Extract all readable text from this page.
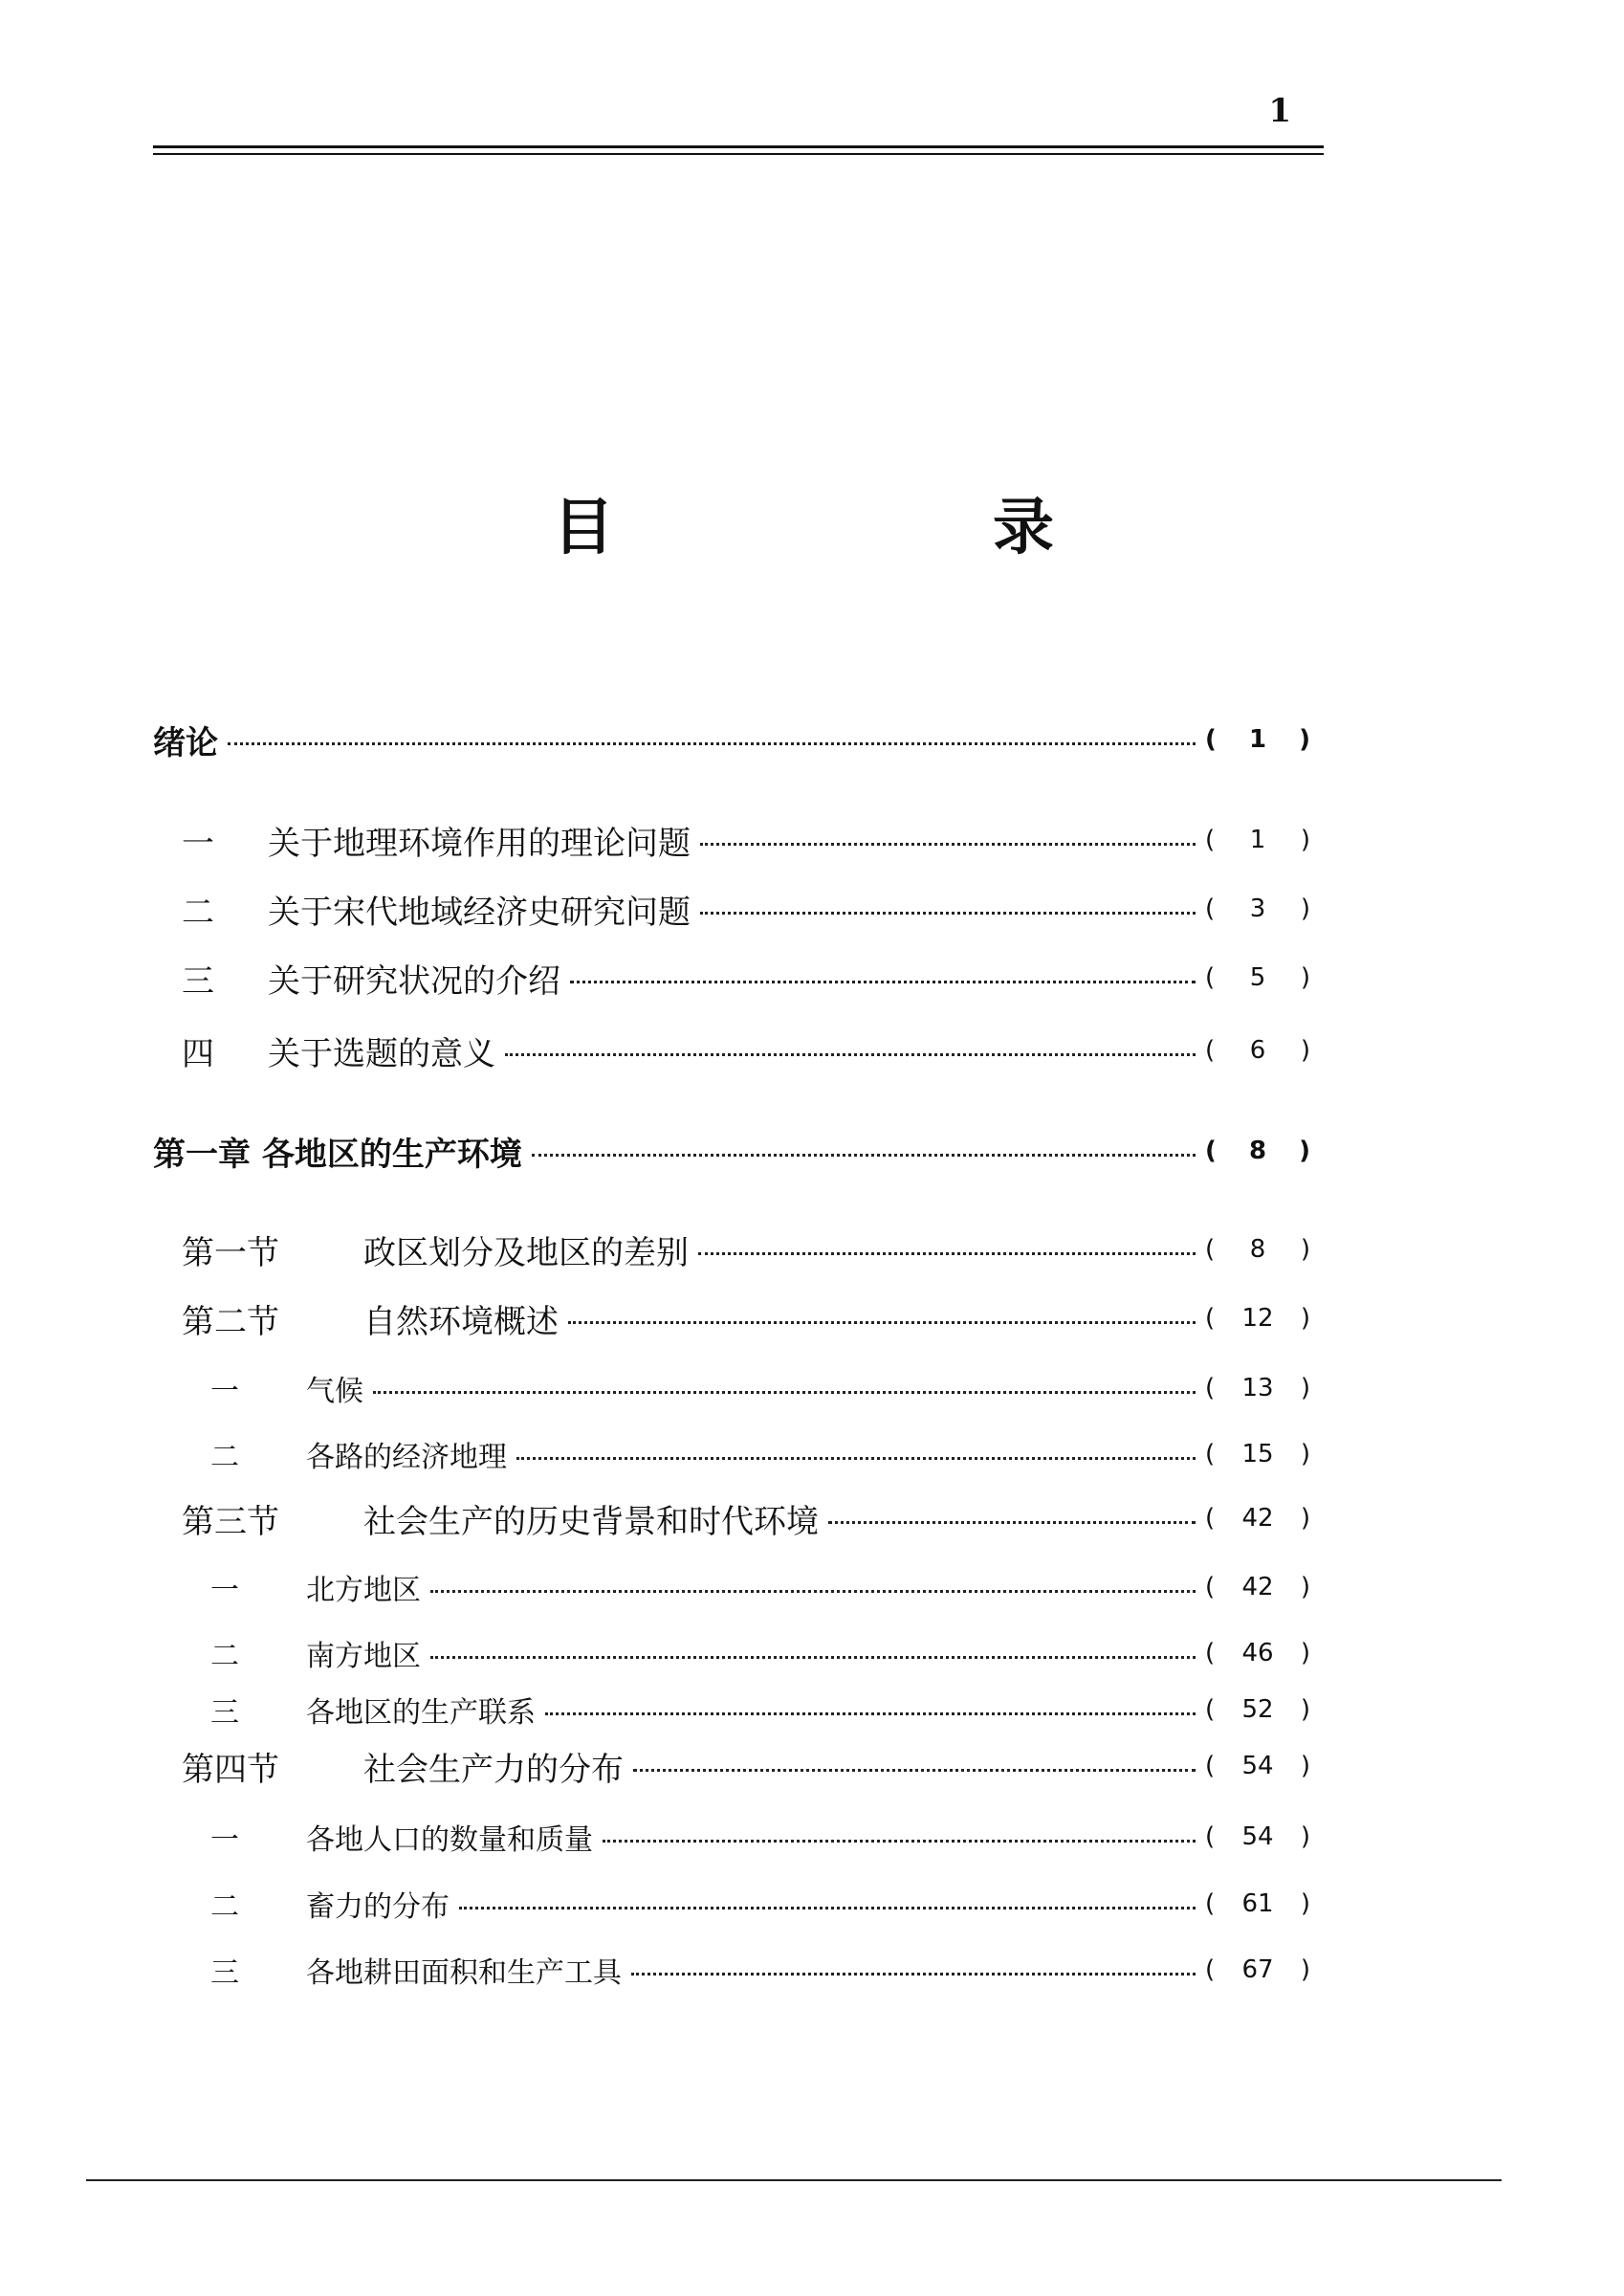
1
目	录
绪论	( 1 )
一	关于地理环境作用的理论问题	( 1 )
二	关于宋代地域经济史研究问题	( 3 )
三	关于研究状况的介绍	( 5 )
四	关于选题的意义	( 6 )
第一章 各地区的生产环境	( 8 )
第一节	政区划分及地区的差别	( 8 )
第二节	自然环境概述	( 12 )
一	气候	( 13 )
二	各路的经济地理	( 15 )
第三节	社会生产的历史背景和时代环境	( 42 )
一	北方地区	( 42 )
二	南方地区	( 46 )
三	各地区的生产联系	( 52 )
第四节	社会生产力的分布	( 54 )
一	各地人口的数量和质量	( 54 )
二	畜力的分布	( 61 )
三	各地耕田面积和生产工具	( 67 )
